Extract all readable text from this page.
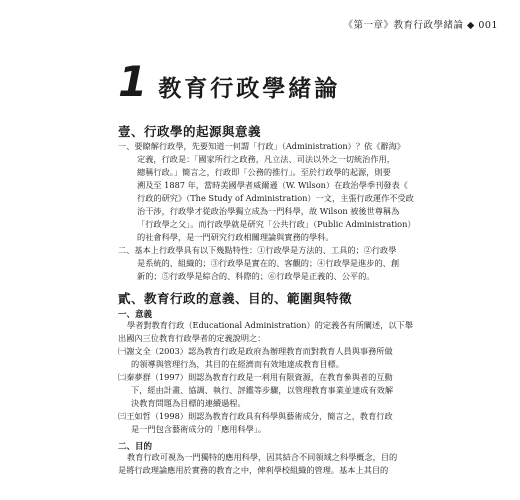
《第一章》教育行政學緒論 ◆ 001
1 教育行政學緒論
壹、行政學的起源與意義
一、要瞭解行政學，先要知道一何謂「行政」（Administration）？依《辭海》
定義，行政是：「國家所行之政務，凡立法、司法以外之一切統治作用，
總稱行政。」簡言之，行政即「公務的推行」。至於行政學的起源，則要
溯及至 1887 年，當時美國學者威爾遜（W. Wilson）在政治學季刊發表《
行政的研究》（The Study of Administration）一文，主張行政運作不受政
治干涉，行政學才從政治學獨立成為一門科學，故 Wilson 被後世尊稱為
「行政學之父」。而行政學就是研究「公共行政」（Public Administration）
的社會科學，是一門研究行政相關理論與實務的學科。
二、基本上行政學具有以下幾點特性：①行政學是方法的、工具的；②行政學
是系統的、組織的；③行政學是實在的、客觀的；④行政學是進步的、創
新的；⑤行政學是綜合的、科際的；⑥行政學是正義的、公平的。
貳、教育行政的意義、目的、範圍與特徵
一、意義
學者對教育行政（Educational Administration）的定義各有所闡述，以下舉
出國內三位教育行政學者的定義說明之：
㈠謝文全（2003）認為教育行政是政府為辦理教育而對教育人員與事務所做
的領導與管理行為，其目的在經濟而有效地達成教育目標。
㈡秦夢群（1997）則認為教育行政是一利用有限資源，在教育參與者的互動
下，經由計畫、協調、執行、評鑑等步驟，以管理教育事業並達成有效解
決教育問題為目標的連續過程。
㈢王如哲（1998）則認為教育行政具有科學與藝術成分，簡言之，教育行政
是一門包含藝術成分的「應用科學」。
二、目的
教育行政可視為一門獨特的應用科學，因其結合不同領域之科學概念，目的
是將行政理論應用於實務的教育之中，俾利學校組織的管理。基本上其目的
